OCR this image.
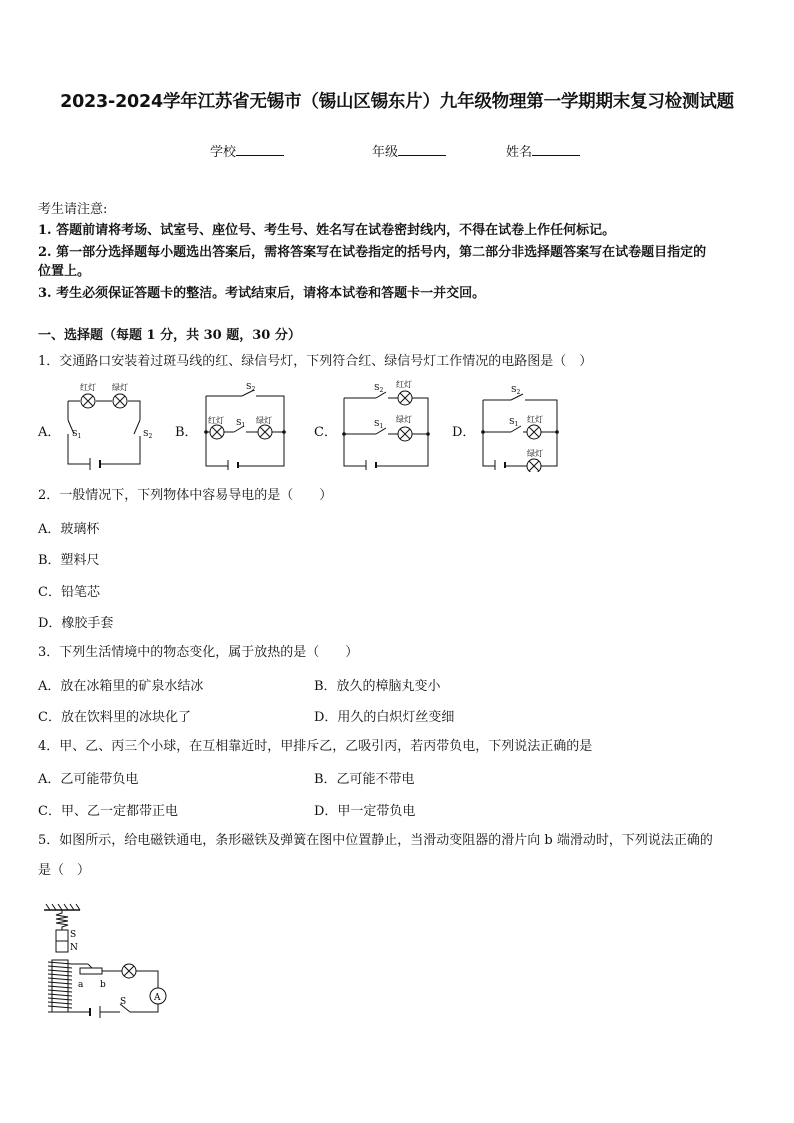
2023-2024学年江苏省无锡市（锡山区锡东片）九年级物理第一学期期末复习检测试题
学校	年级	姓名
考生请注意:
1. 答题前请将考场、试室号、座位号、考生号、姓名写在试卷密封线内，不得在试卷上作任何标记。
2. 第一部分选择题每小题选出答案后，需将答案写在试卷指定的括号内，第二部分非选择题答案写在试卷题目指定的
位置上。
3. 考生必须保证答题卡的整洁。考试结束后，请将本试卷和答题卡一并交回。
一、选择题（每题 1 分，共 30 题，30 分）
1．交通路口安装着过斑马线的红、绿信号灯，下列符合红、绿信号灯工作情况的电路图是（　）
A．	B．	C．	D．
红灯 绿灯
$S_1$	$S_2$
$S_2$
红灯	绿灯
$S_1$
$S_2$
红灯
$S_1$
绿灯
$S_2$
$S_1$
红灯
绿灯
2．一般情况下，下列物体中容易导电的是（　　）
A．玻璃杯
B．塑料尺
C．铅笔芯
D．橡胶手套
3．下列生活情境中的物态变化，属于放热的是（　　）
A．放在冰箱里的矿泉水结冰	B．放久的樟脑丸变小
C．放在饮料里的冰块化了	D．用久的白炽灯丝变细
4．甲、乙、丙三个小球，在互相靠近时，甲排斥乙，乙吸引丙，若丙带负电，下列说法正确的是
A．乙可能带负电	B．乙可能不带电
C．甲、乙一定都带正电	D．甲一定带负电
5．如图所示，给电磁铁通电，条形磁铁及弹簧在图中位置静止，当滑动变阻器的滑片向 b 端滑动时，下列说法正确的
是（　）
S
N
a b
S	A
